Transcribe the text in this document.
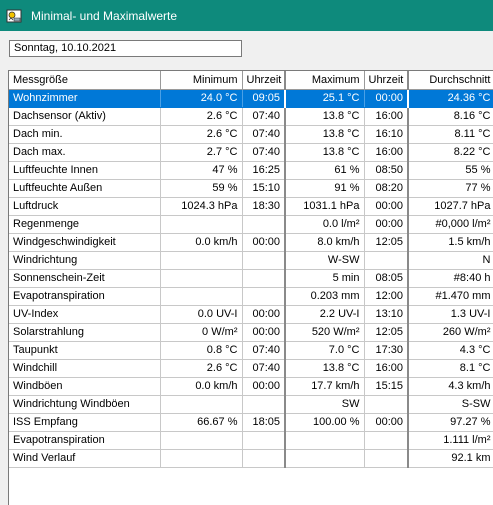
Minimal- und Maximalwerte
Sonntag, 10.10.2021
Messgröße	Minimum	Uhrzeit	Maximum	Uhrzeit	Durchschnitt
Wohnzimmer	24.0 °C	09:05	25.1 °C	00:00	24.36 °C
Dachsensor (Aktiv)	2.6 °C	07:40	13.8 °C	16:00	8.16 °C
Dach min.	2.6 °C	07:40	13.8 °C	16:10	8.11 °C
Dach max.	2.7 °C	07:40	13.8 °C	16:00	8.22 °C
Luftfeuchte Innen	47 %	16:25	61 %	08:50	55 %
Luftfeuchte Außen	59 %	15:10	91 %	08:20	77 %
Luftdruck	1024.3 hPa	18:30	1031.1 hPa	00:00	1027.7 hPa
Regenmenge			0.0 l/m²	00:00	#0,000 l/m²
Windgeschwindigkeit	0.0 km/h	00:00	8.0 km/h	12:05	1.5 km/h
Windrichtung			W-SW		N
Sonnenschein-Zeit			5 min	08:05	#8:40 h
Evapotranspiration			0.203 mm	12:00	#1.470 mm
UV-Index	0.0 UV-I	00:00	2.2 UV-I	13:10	1.3 UV-I
Solarstrahlung	0 W/m²	00:00	520 W/m²	12:05	260 W/m²
Taupunkt	0.8 °C	07:40	7.0 °C	17:30	4.3 °C
Windchill	2.6 °C	07:40	13.8 °C	16:00	8.1 °C
Windböen	0.0 km/h	00:00	17.7 km/h	15:15	4.3 km/h
Windrichtung Windböen			SW		S-SW
ISS Empfang	66.67 %	18:05	100.00 %	00:00	97.27 %
Evapotranspiration					1.111 l/m²
Wind Verlauf					92.1 km
